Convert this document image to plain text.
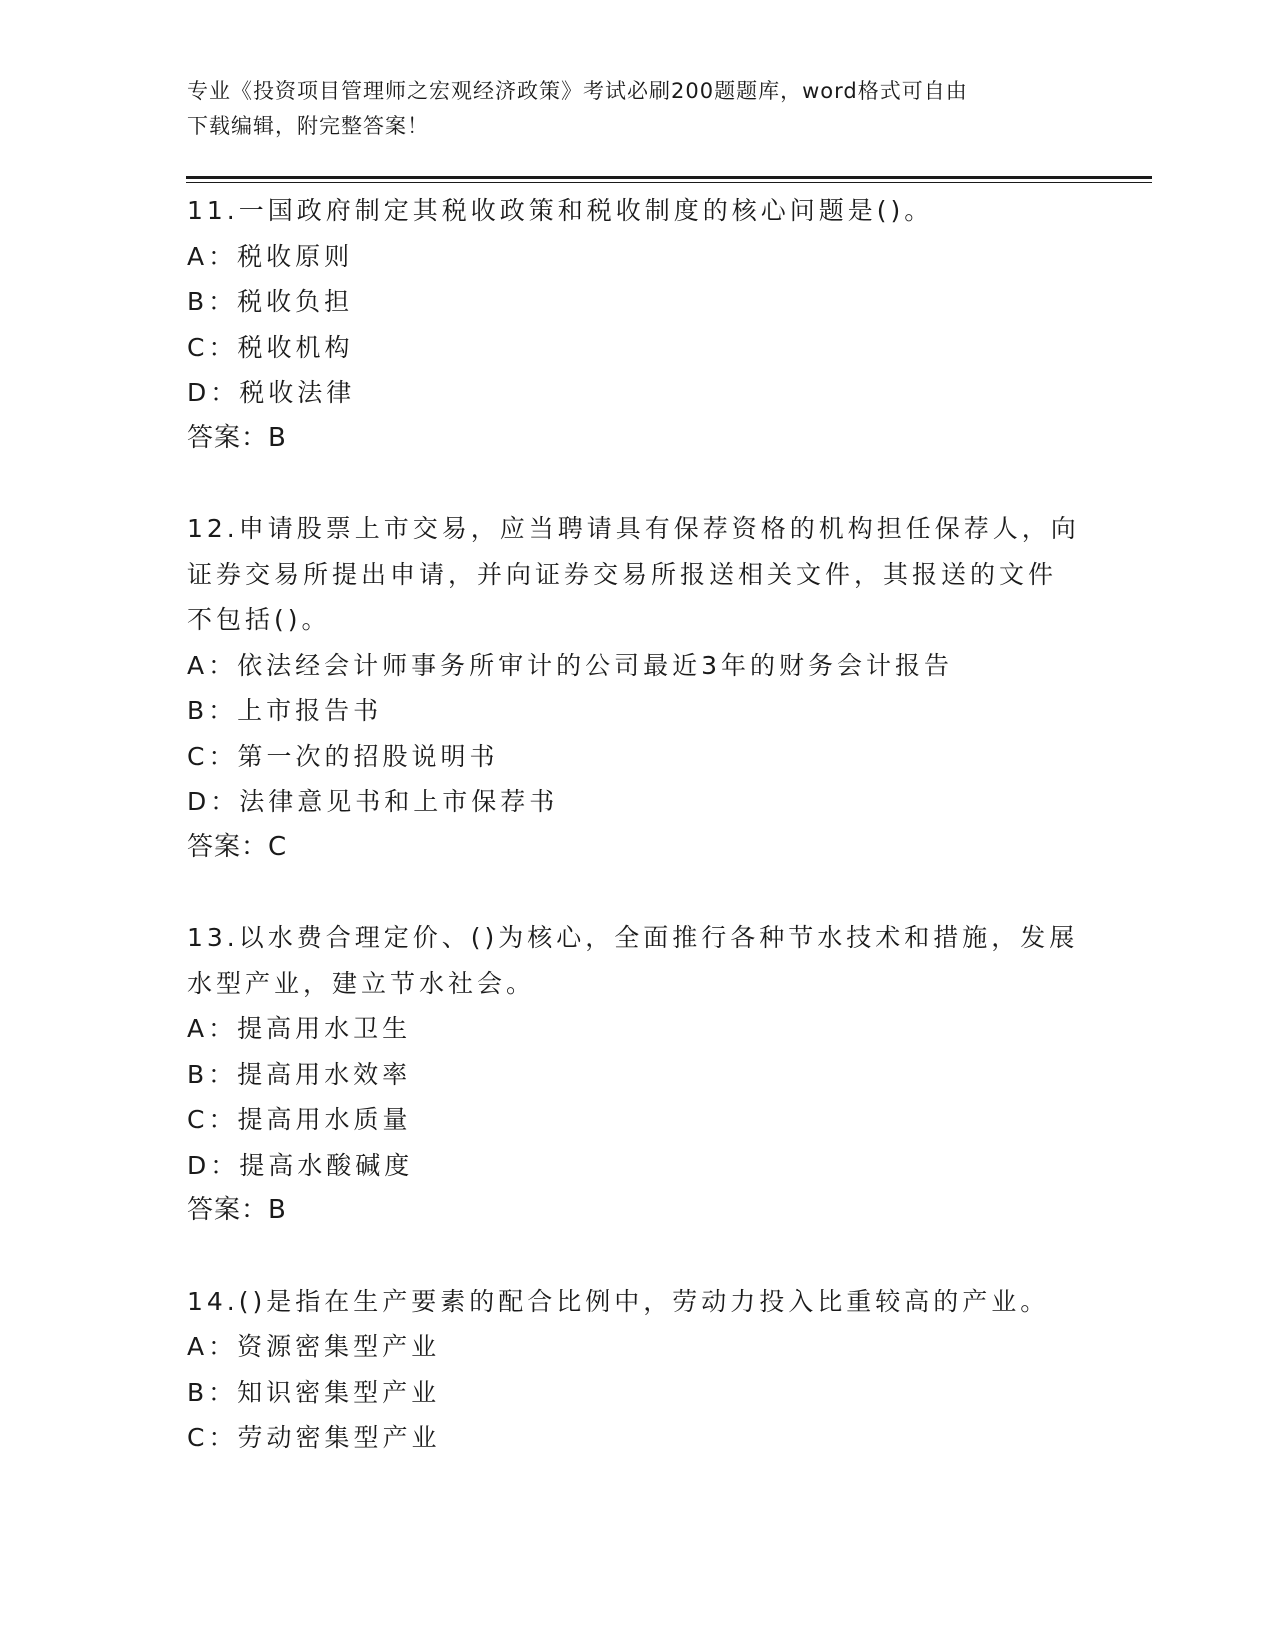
专业《投资项目管理师之宏观经济政策》考试必刷200题题库，word格式可自由
下载编辑，附完整答案！
11.一国政府制定其税收政策和税收制度的核心问题是()。
A：税收原则
B：税收负担
C：税收机构
D：税收法律
答案：B
12.申请股票上市交易，应当聘请具有保荐资格的机构担任保荐人，向
证券交易所提出申请，并向证券交易所报送相关文件，其报送的文件
不包括()。
A：依法经会计师事务所审计的公司最近3年的财务会计报告
B：上市报告书
C：第一次的招股说明书
D：法律意见书和上市保荐书
答案：C
13.以水费合理定价、()为核心，全面推行各种节水技术和措施，发展
水型产业，建立节水社会。
A：提高用水卫生
B：提高用水效率
C：提高用水质量
D：提高水酸碱度
答案：B
14.()是指在生产要素的配合比例中，劳动力投入比重较高的产业。
A：资源密集型产业
B：知识密集型产业
C：劳动密集型产业
